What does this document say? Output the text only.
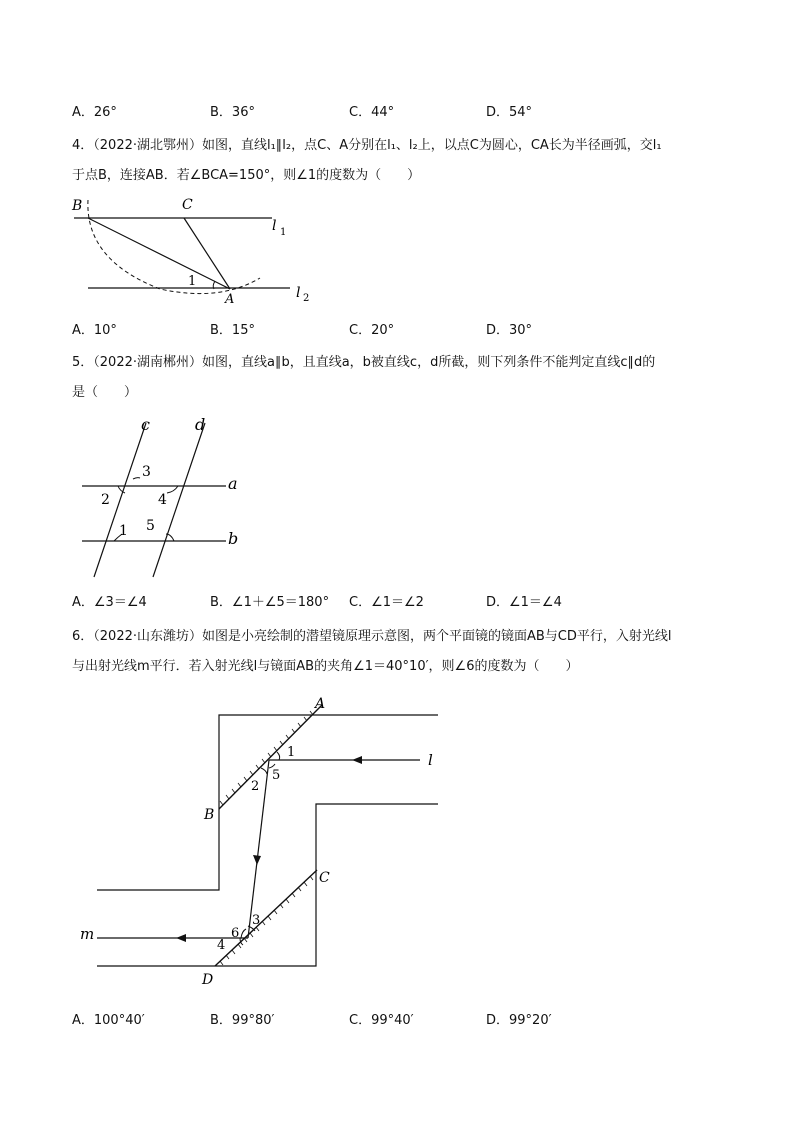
A．26°	B．36°	C．44°	D．54°
4．（2022·湖北鄂州）如图，直线l₁∥l₂，点C、A分别在l₁、l₂上，以点C为圆心，CA长为半径画弧，交l₁
于点B，连接AB．若∠BCA=150°，则∠1的度数为（　　）
B	C
A
1
l 1
l 2
A．10°	B．15°	C．20°	D．30°
5．（2022·湖南郴州）如图，直线a∥b，且直线a，b被直线c，d所截，则下列条件不能判定直线c∥d的
是（　　）
c	d
a
b
3
2	4
1 5
A．∠3＝∠4	B．∠1＋∠5＝180° C．∠1＝∠2	D．∠1＝∠4
6．（2022·山东潍坊）如图是小亮绘制的潜望镜原理示意图，两个平面镜的镜面AB与CD平行，入射光线l
与出射光线m平行．若入射光线l与镜面AB的夹角∠1＝40°10′，则∠6的度数为（　　）
A
B
C
D
l
m
1
2
5
3
6
4
A．100°40′	B．99°80′	C．99°40′	D．99°20′
